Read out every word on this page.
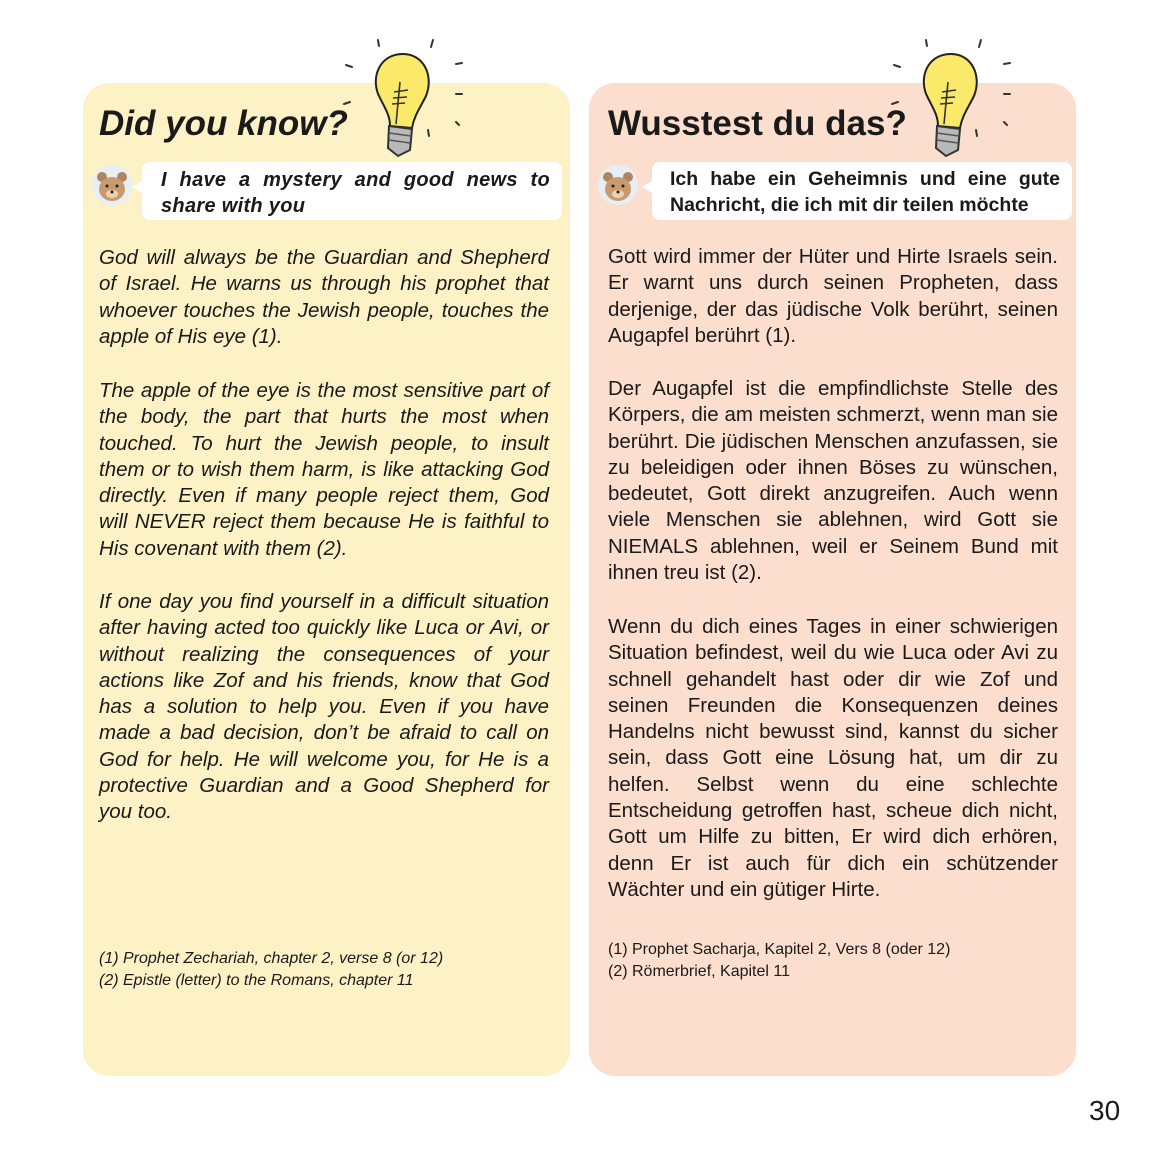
Did you know?	Wusstest du das?

I have a mystery and good news to share with you

Ich habe ein Geheimnis und eine gute Nachricht, die ich mit dir teilen möchte

God will always be the Guardian and Shepherd of Israel. He warns us through his prophet that whoever touches the Jewish people, touches the apple of His eye (1).

The apple of the eye is the most sensitive part of the body, the part that hurts the most when touched. To hurt the Jewish people, to insult them or to wish them harm, is like attacking God directly. Even if many people reject them, God will NEVER reject them because He is faithful to His covenant with them (2).

If one day you find yourself in a difficult situation after having acted too quickly like Luca or Avi, or without realizing the consequences of your actions like Zof and his friends, know that God has a solution to help you. Even if you have made a bad decision, don’t be afraid to call on God for help. He will welcome you, for He is a protective Guardian and a Good Shepherd for you too.

(1) Prophet Zechariah, chapter 2, verse 8 (or 12)
(2) Epistle (letter) to the Romans, chapter 11

Gott wird immer der Hüter und Hirte Israels sein. Er warnt uns durch seinen Propheten, dass derjenige, der das jüdische Volk berührt, seinen Augapfel berührt (1).

Der Augapfel ist die empfindlichste Stelle des Körpers, die am meisten schmerzt, wenn man sie berührt. Die jüdischen Menschen anzufassen, sie zu beleidigen oder ihnen Böses zu wünschen, bedeutet, Gott direkt anzugreifen. Auch wenn viele Menschen sie ablehnen, wird Gott sie NIEMALS ablehnen, weil er Seinem Bund mit ihnen treu ist (2).

Wenn du dich eines Tages in einer schwierigen Situation befindest, weil du wie Luca oder Avi zu schnell gehandelt hast oder dir wie Zof und seinen Freunden die Konsequenzen deines Handelns nicht bewusst sind, kannst du sicher sein, dass Gott eine Lösung hat, um dir zu helfen. Selbst wenn du eine schlechte Entscheidung getroffen hast, scheue dich nicht, Gott um Hilfe zu bitten, Er wird dich erhören, denn Er ist auch für dich ein schützender Wächter und ein gütiger Hirte.

(1) Prophet Sacharja, Kapitel 2, Vers 8 (oder 12)
(2) Römerbrief, Kapitel 11
30
